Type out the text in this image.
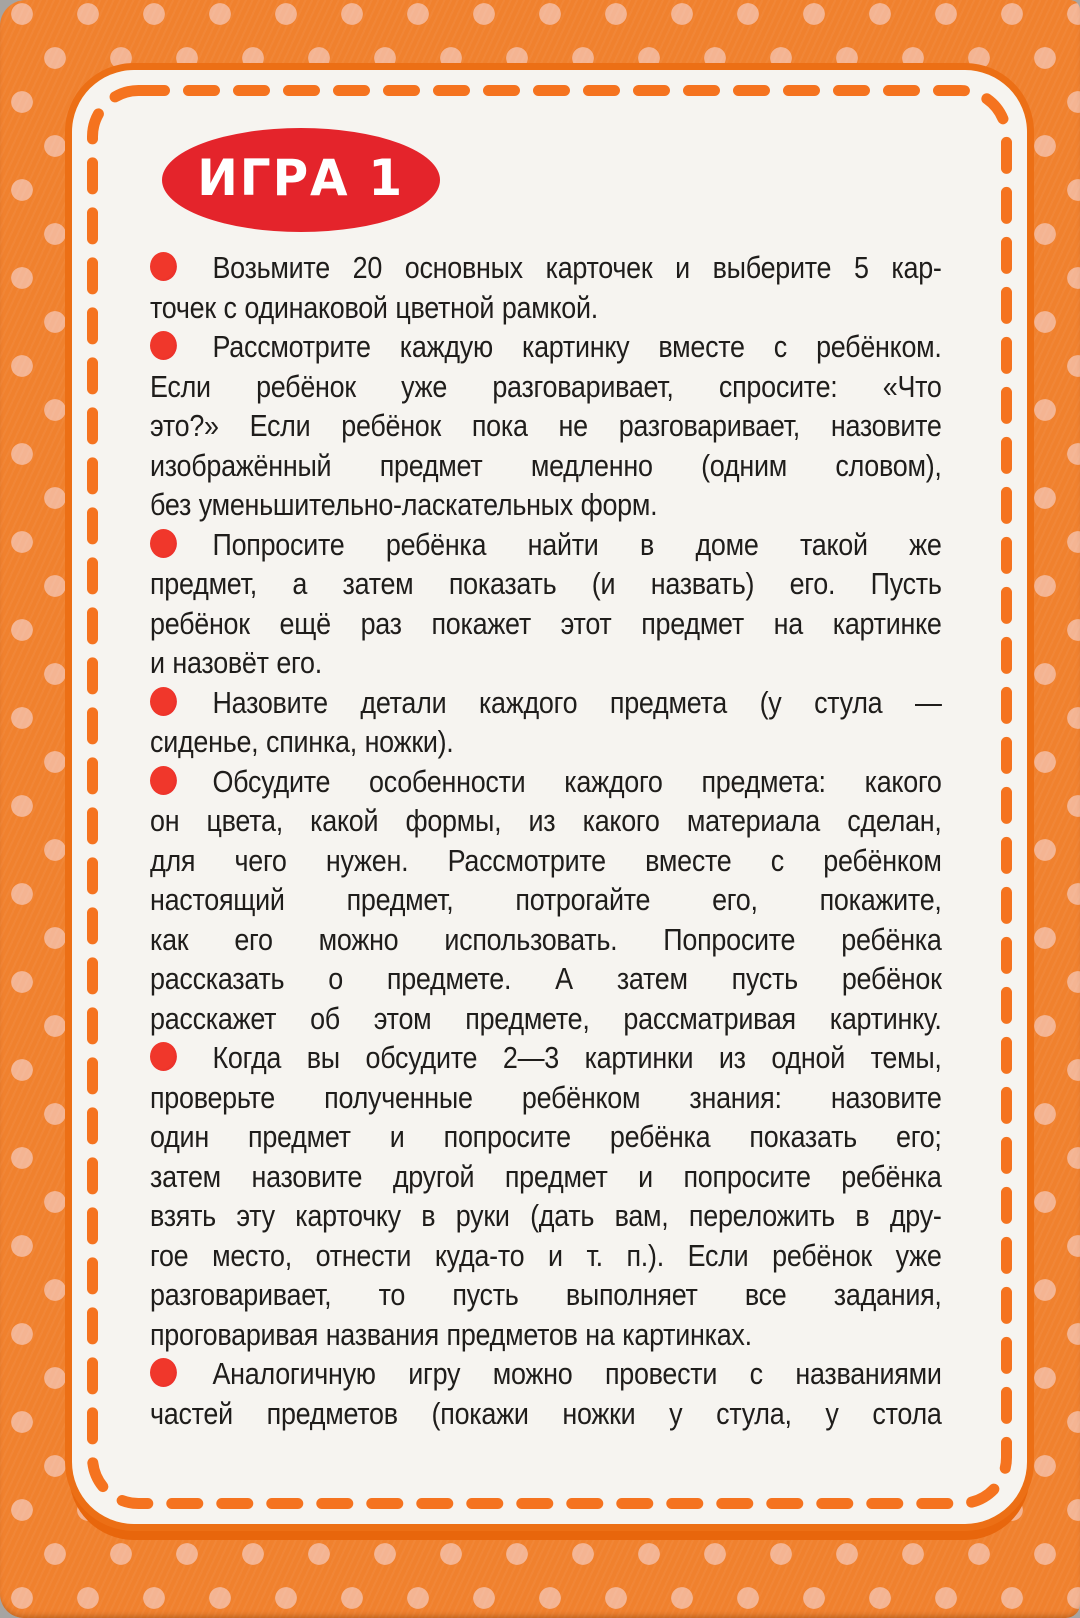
ИГРА 1
Возьмите 20 основных карточек и выберите 5 кар-
точек с одинаковой цветной рамкой.
Рассмотрите каждую картинку вместе с ребёнком.
Если ребёнок уже разговаривает, спросите: «Что
это?» Если ребёнок пока не разговаривает, назовите
изображённый предмет медленно (одним словом),
без уменьшительно-ласкательных форм.
Попросите ребёнка найти в доме такой же
предмет, а затем показать (и назвать) его. Пусть
ребёнок ещё раз покажет этот предмет на картинке
и назовёт его.
Назовите детали каждого предмета (у стула —
сиденье, спинка, ножки).
Обсудите особенности каждого предмета: какого
он цвета, какой формы, из какого материала сделан,
для чего нужен. Рассмотрите вместе с ребёнком
настоящий предмет, потрогайте его, покажите,
как его можно использовать. Попросите ребёнка
рассказать о предмете. А затем пусть ребёнок
расскажет об этом предмете, рассматривая картинку.
Когда вы обсудите 2—3 картинки из одной темы,
проверьте полученные ребёнком знания: назовите
один предмет и попросите ребёнка показать его;
затем назовите другой предмет и попросите ребёнка
взять эту карточку в руки (дать вам, переложить в дру-
гое место, отнести куда-то и т. п.). Если ребёнок уже
разговаривает, то пусть выполняет все задания,
проговаривая названия предметов на картинках.
Аналогичную игру можно провести с названиями
частей предметов (покажи ножки у стула, у стола
